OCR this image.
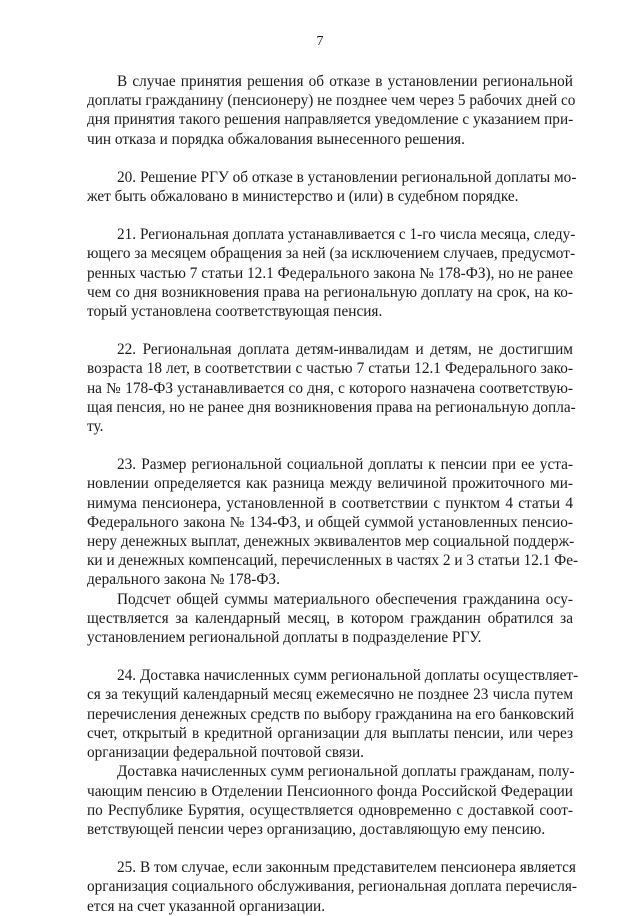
7

В случае принятия решения об отказе в установлении региональной
доплаты гражданину (пенсионеру) не позднее чем через 5 рабочих дней со
дня принятия такого решения направляется уведомление с указанием при-
чин отказа и порядка обжалования вынесенного решения.

20. Решение РГУ об отказе в установлении региональной доплаты мо-
жет быть обжаловано в министерство и (или) в судебном порядке.

21. Региональная доплата устанавливается с 1-го числа месяца, следу-
ющего за месяцем обращения за ней (за исключением случаев, предусмот-
ренных частью 7 статьи 12.1 Федерального закона № 178-ФЗ), но не ранее
чем со дня возникновения права на региональную доплату на срок, на ко-
торый установлена соответствующая пенсия.

22. Региональная доплата детям-инвалидам и детям, не достигшим
возраста 18 лет, в соответствии с частью 7 статьи 12.1 Федерального зако-
на № 178-ФЗ устанавливается со дня, с которого назначена соответствую-
щая пенсия, но не ранее дня возникновения права на региональную допла-
ту.

23. Размер региональной социальной доплаты к пенсии при ее уста-
новлении определяется как разница между величиной прожиточного ми-
нимума пенсионера, установленной в соответствии с пунктом 4 статьи 4
Федерального закона № 134-ФЗ, и общей суммой установленных пенсио-
неру денежных выплат, денежных эквивалентов мер социальной поддерж-
ки и денежных компенсаций, перечисленных в частях 2 и 3 статьи 12.1 Фе-
дерального закона № 178-ФЗ.

Подсчет общей суммы материального обеспечения гражданина осу-
ществляется за календарный месяц, в котором гражданин обратился за
установлением региональной доплаты в подразделение РГУ.

24. Доставка начисленных сумм региональной доплаты осуществляет-
ся за текущий календарный месяц ежемесячно не позднее 23 числа путем
перечисления денежных средств по выбору гражданина на его банковский
счет, открытый в кредитной организации для выплаты пенсии, или через
организации федеральной почтовой связи.

Доставка начисленных сумм региональной доплаты гражданам, полу-
чающим пенсию в Отделении Пенсионного фонда Российской Федерации
по Республике Бурятия, осуществляется одновременно с доставкой соот-
ветствующей пенсии через организацию, доставляющую ему пенсию.

25. В том случае, если законным представителем пенсионера является
организация социального обслуживания, региональная доплата перечисля-
ется на счет указанной организации.
